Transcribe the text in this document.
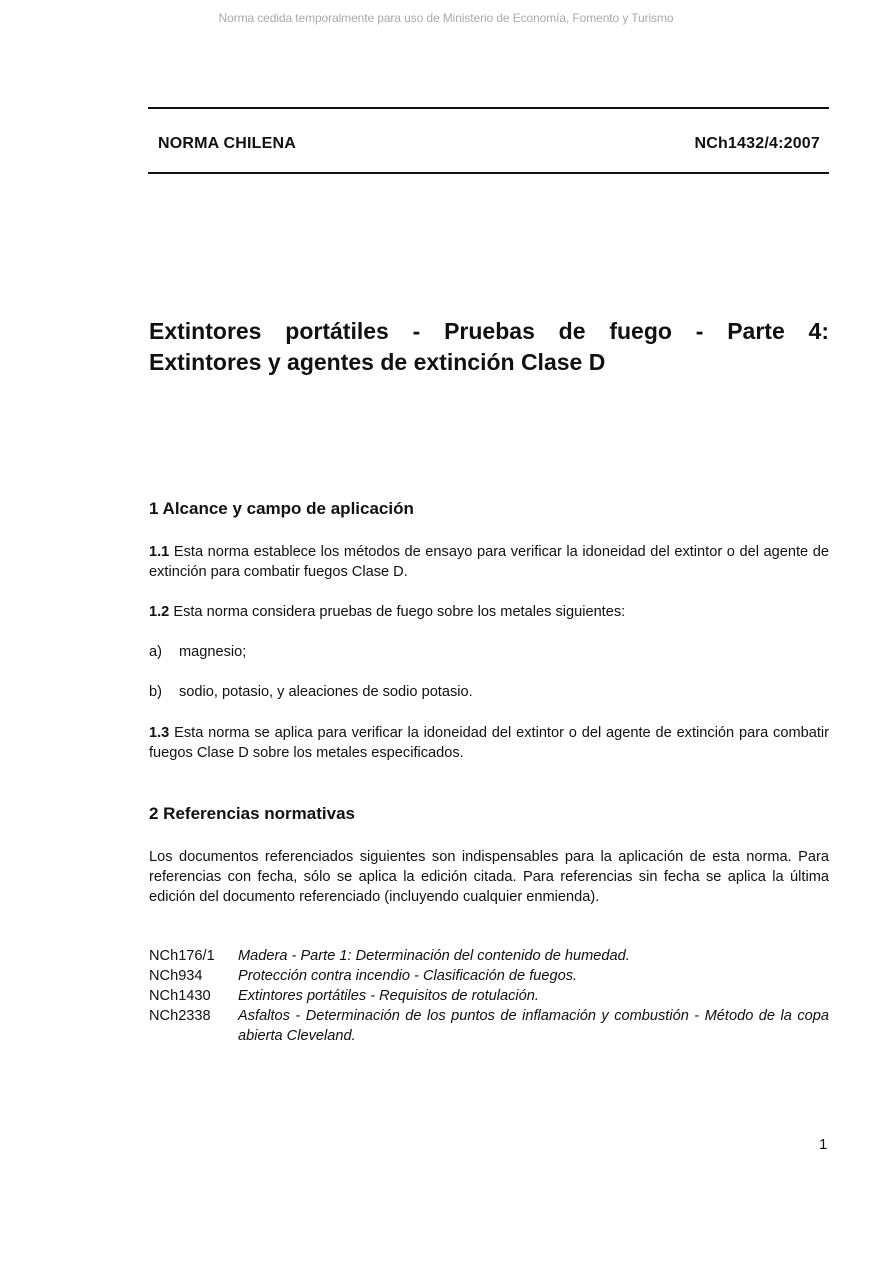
Norma cedida temporalmente para uso de Ministerio de Economía, Fomento y Turismo
NORMA CHILENA	NCh1432/4:2007
Extintores portátiles - Pruebas de fuego - Parte 4:
Extintores y agentes de extinción Clase D
1 Alcance y campo de aplicación
1.1 Esta norma establece los métodos de ensayo para verificar la idoneidad del extintor o del agente de extinción para combatir fuegos Clase D.
1.2 Esta norma considera pruebas de fuego sobre los metales siguientes:
a) magnesio;
b) sodio, potasio, y aleaciones de sodio potasio.
1.3 Esta norma se aplica para verificar la idoneidad del extintor o del agente de extinción para combatir fuegos Clase D sobre los metales especificados.
2 Referencias normativas
Los documentos referenciados siguientes son indispensables para la aplicación de esta norma. Para referencias con fecha, sólo se aplica la edición citada. Para referencias sin fecha se aplica la última edición del documento referenciado (incluyendo cualquier enmienda).
NCh176/1	Madera - Parte 1: Determinación del contenido de humedad.
NCh934	Protección contra incendio - Clasificación de fuegos.
NCh1430	Extintores portátiles - Requisitos de rotulación.
NCh2338	Asfaltos - Determinación de los puntos de inflamación y combustión - Método de la copa abierta Cleveland.
1
